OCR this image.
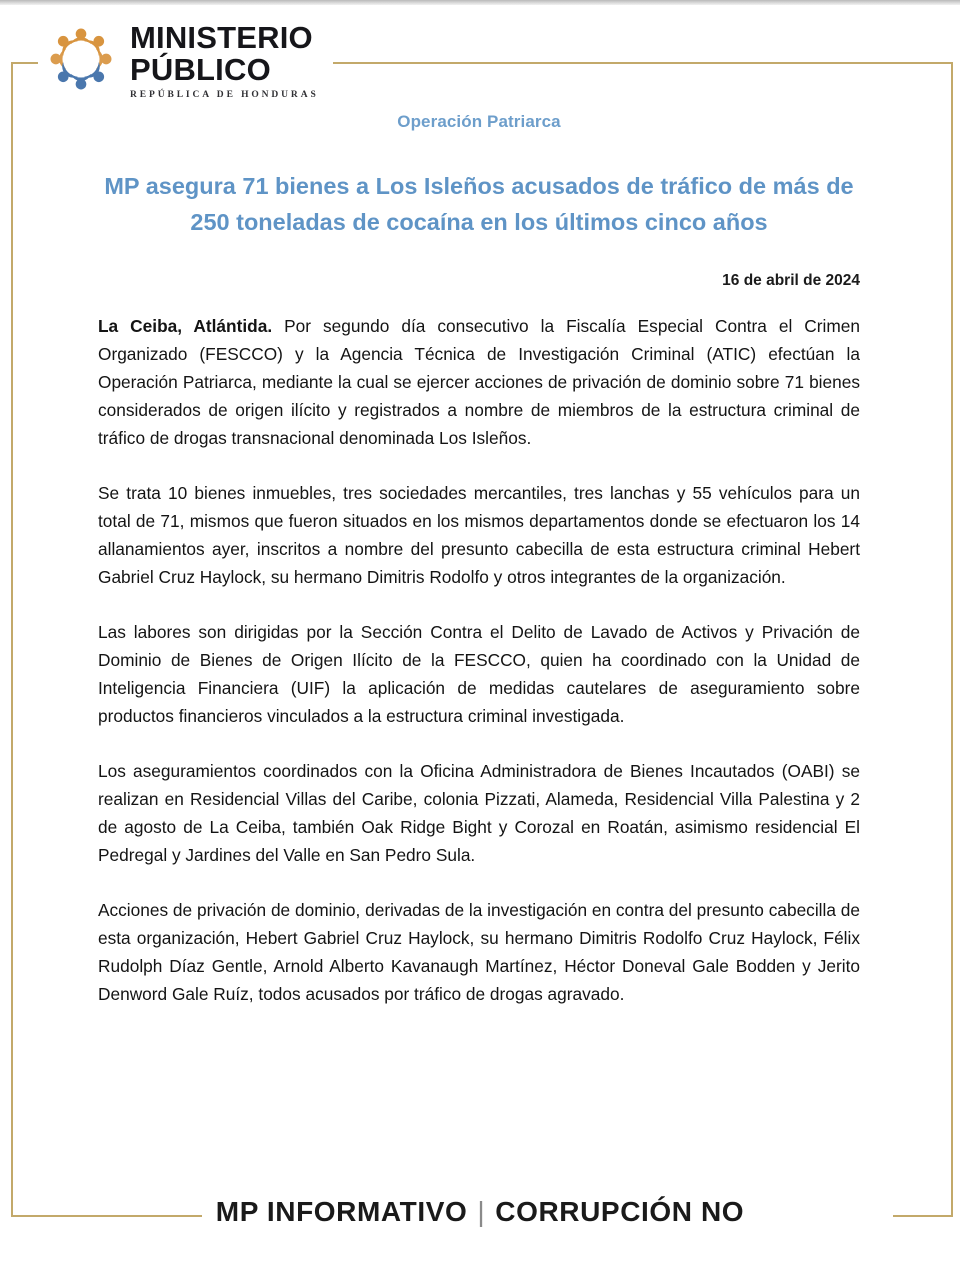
MINISTERIO
PÚBLICO
REPÚBLICA DE HONDURAS
Operación Patriarca
MP asegura 71 bienes a Los Isleños acusados de tráfico de más de 250 toneladas de cocaína en los últimos cinco años
16 de abril de 2024

La Ceiba, Atlántida. Por segundo día consecutivo la Fiscalía Especial Contra el Crimen Organizado (FESCCO) y la Agencia Técnica de Investigación Criminal (ATIC) efectúan la Operación Patriarca, mediante la cual se ejercer acciones de privación de dominio sobre 71 bienes considerados de origen ilícito y registrados a nombre de miembros de la estructura criminal de tráfico de drogas transnacional denominada Los Isleños.

Se trata 10 bienes inmuebles, tres sociedades mercantiles, tres lanchas y 55 vehículos para un total de 71, mismos que fueron situados en los mismos departamentos donde se efectuaron los 14 allanamientos ayer, inscritos a nombre del presunto cabecilla de esta estructura criminal Hebert Gabriel Cruz Haylock, su hermano Dimitris Rodolfo y otros integrantes de la organización.

Las labores son dirigidas por la Sección Contra el Delito de Lavado de Activos y Privación de Dominio de Bienes de Origen Ilícito de la FESCCO, quien ha coordinado con la Unidad de Inteligencia Financiera (UIF) la aplicación de medidas cautelares de aseguramiento sobre productos financieros vinculados a la estructura criminal investigada.

Los aseguramientos coordinados con la Oficina Administradora de Bienes Incautados (OABI) se realizan en Residencial Villas del Caribe, colonia Pizzati, Alameda, Residencial Villa Palestina y 2 de agosto de La Ceiba, también Oak Ridge Bight y Corozal en Roatán, asimismo residencial El Pedregal y Jardines del Valle en San Pedro Sula.

Acciones de privación de dominio, derivadas de la investigación en contra del presunto cabecilla de esta organización, Hebert Gabriel Cruz Haylock, su hermano Dimitris Rodolfo Cruz Haylock, Félix Rudolph Díaz Gentle, Arnold Alberto Kavanaugh Martínez, Héctor Doneval Gale Bodden y Jerito Denword Gale Ruíz, todos acusados por tráfico de drogas agravado.

MP INFORMATIVO | CORRUPCIÓN NO
